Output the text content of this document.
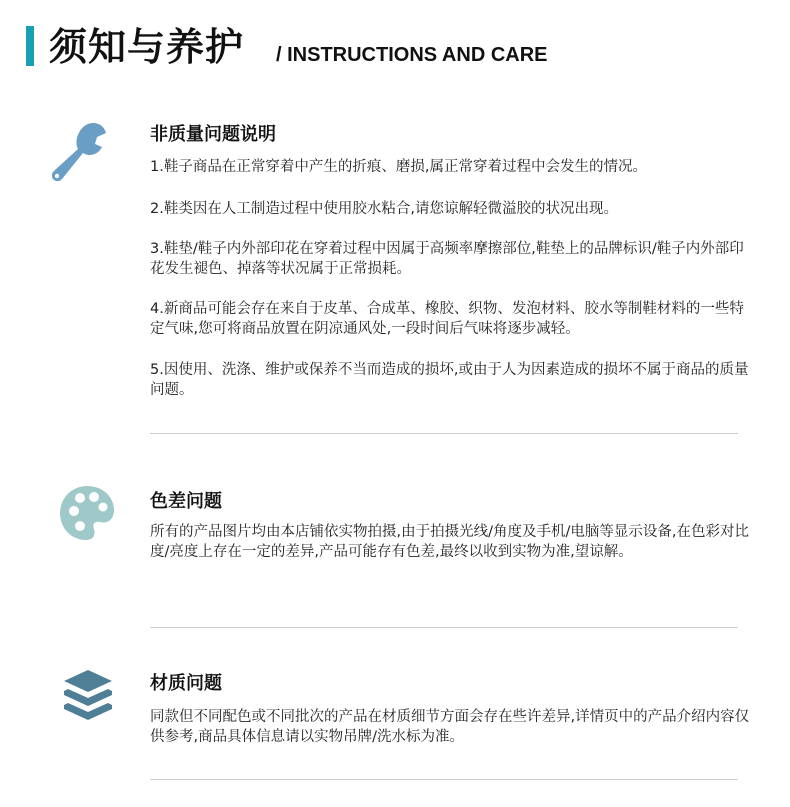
须知与养护 / INSTRUCTIONS AND CARE
非质量问题说明

1.鞋子商品在正常穿着中产生的折痕、磨损,属正常穿着过程中会发生的情况。

2.鞋类因在人工制造过程中使用胶水粘合,请您谅解轻微溢胶的状况出现。

3.鞋垫/鞋子内外部印花在穿着过程中因属于高频率摩擦部位,鞋垫上的品牌标识/鞋子内外部印花发生褪色、掉落等状况属于正常损耗。

4.新商品可能会存在来自于皮革、合成革、橡胶、织物、发泡材料、胶水等制鞋材料的一些特定气味,您可将商品放置在阴凉通风处,一段时间后气味将逐步减轻。

5.因使用、洗涤、维护或保养不当而造成的损坏,或由于人为因素造成的损坏不属于商品的质量问题。

色差问题

所有的产品图片均由本店铺依实物拍摄,由于拍摄光线/角度及手机/电脑等显示设备,在色彩对比度/亮度上存在一定的差异,产品可能存有色差,最终以收到实物为准,望谅解。

材质问题

同款但不同配色或不同批次的产品在材质细节方面会存在些许差异,详情页中的产品介绍内容仅供参考,商品具体信息请以实物吊牌/洗水标为准。
